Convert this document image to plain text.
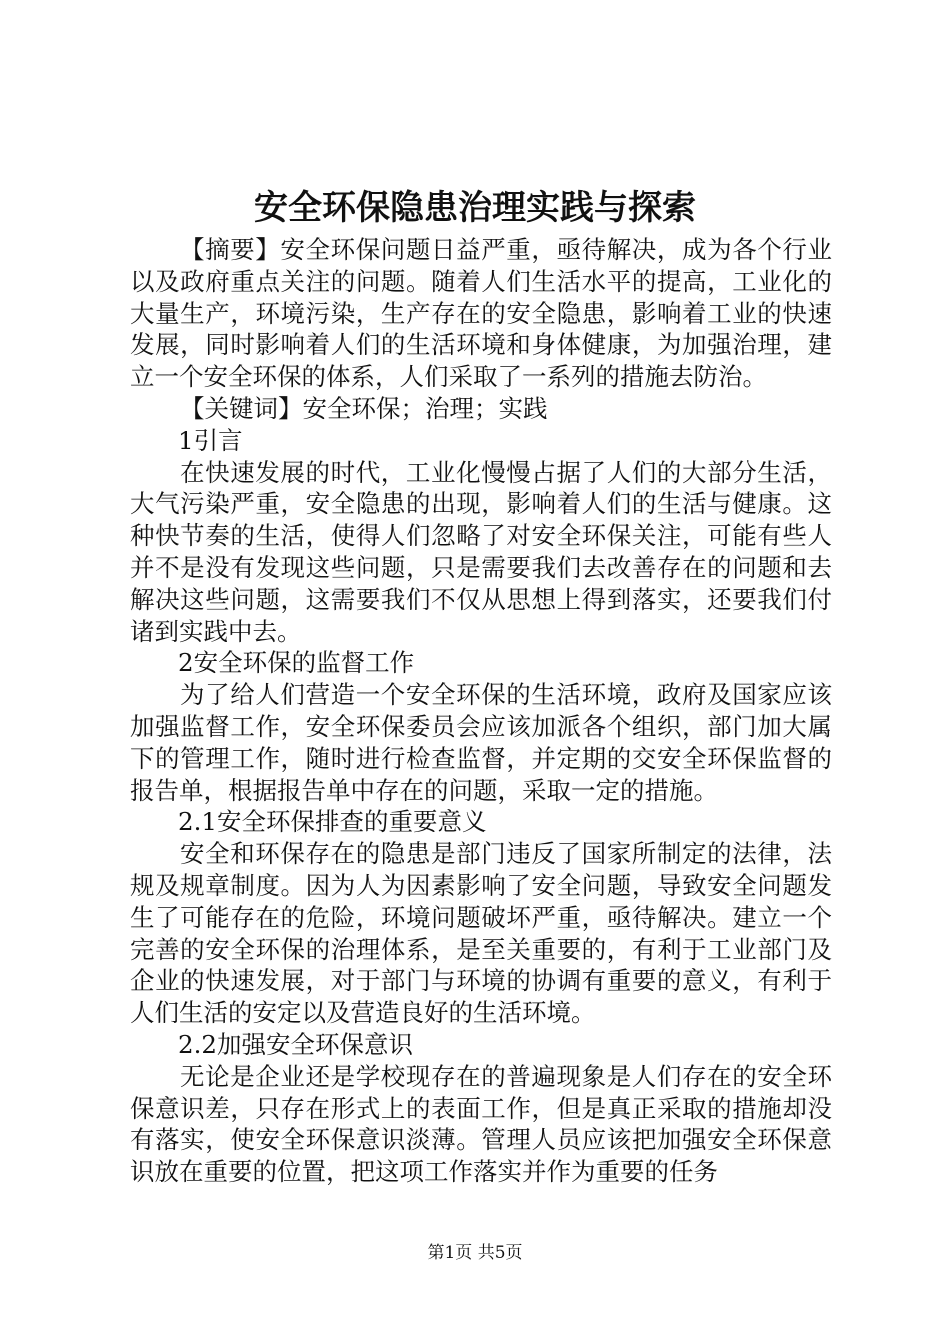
安全环保隐患治理实践与探索

【摘要】安全环保问题日益严重，亟待解决，成为各个行业以及政府重点关注的问题。随着人们生活水平的提高，工业化的大量生产，环境污染，生产存在的安全隐患，影响着工业的快速发展，同时影响着人们的生活环境和身体健康，为加强治理，建立一个安全环保的体系，人们采取了一系列的措施去防治。

【关键词】安全环保；治理；实践

1引言

在快速发展的时代，工业化慢慢占据了人们的大部分生活，大气污染严重，安全隐患的出现，影响着人们的生活与健康。这种快节奏的生活，使得人们忽略了对安全环保关注，可能有些人并不是没有发现这些问题，只是需要我们去改善存在的问题和去解决这些问题，这需要我们不仅从思想上得到落实，还要我们付诸到实践中去。

2安全环保的监督工作

为了给人们营造一个安全环保的生活环境，政府及国家应该加强监督工作，安全环保委员会应该加派各个组织，部门加大属下的管理工作，随时进行检查监督，并定期的交安全环保监督的报告单，根据报告单中存在的问题，采取一定的措施。

2.1安全环保排查的重要意义

安全和环保存在的隐患是部门违反了国家所制定的法律，法规及规章制度。因为人为因素影响了安全问题，导致安全问题发生了可能存在的危险，环境问题破坏严重，亟待解决。建立一个完善的安全环保的治理体系，是至关重要的，有利于工业部门及企业的快速发展，对于部门与环境的协调有重要的意义，有利于人们生活的安定以及营造良好的生活环境。

2.2加强安全环保意识

无论是企业还是学校现存在的普遍现象是人们存在的安全环保意识差，只存在形式上的表面工作，但是真正采取的措施却没有落实，使安全环保意识淡薄。管理人员应该把加强安全环保意识放在重要的位置，把这项工作落实并作为重要的任务

第1页 共5页
